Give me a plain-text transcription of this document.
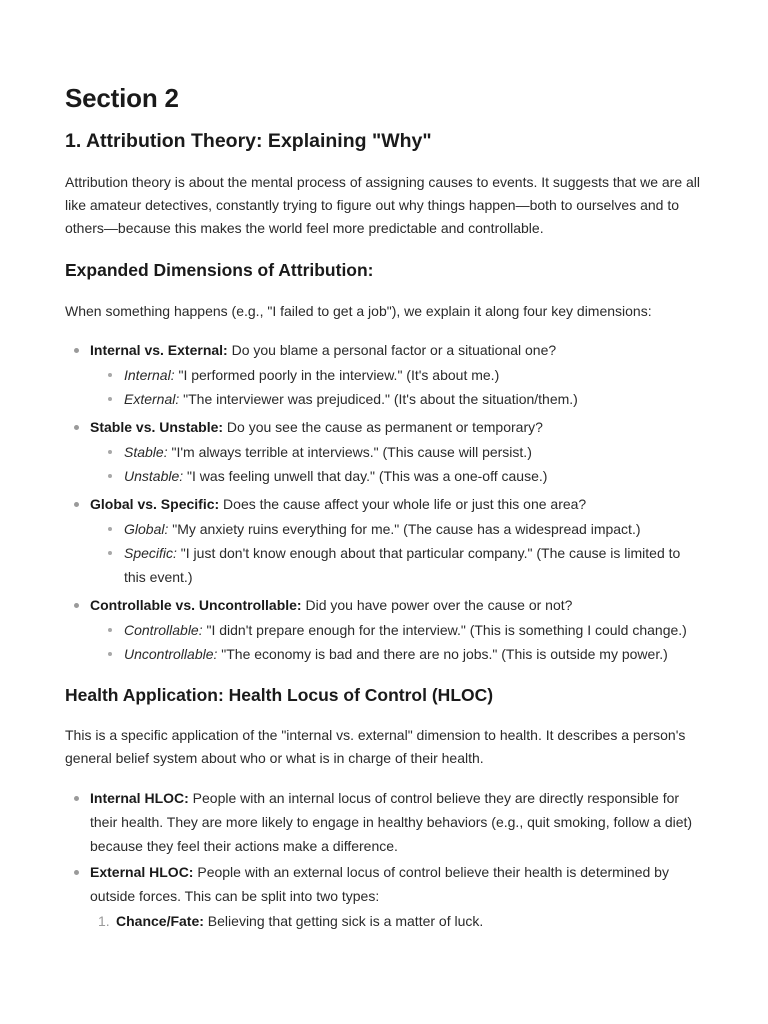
Section 2
1. Attribution Theory: Explaining "Why"

Attribution theory is about the mental process of assigning causes to events. It suggests that we are all like amateur detectives, constantly trying to figure out why things happen—both to ourselves and to others—because this makes the world feel more predictable and controllable.

Expanded Dimensions of Attribution:

When something happens (e.g., "I failed to get a job"), we explain it along four key dimensions:

Internal vs. External: Do you blame a personal factor or a situational one?
Internal: "I performed poorly in the interview." (It's about me.)
External: "The interviewer was prejudiced." (It's about the situation/them.)
Stable vs. Unstable: Do you see the cause as permanent or temporary?
Stable: "I'm always terrible at interviews." (This cause will persist.)
Unstable: "I was feeling unwell that day." (This was a one-off cause.)
Global vs. Specific: Does the cause affect your whole life or just this one area?
Global: "My anxiety ruins everything for me." (The cause has a widespread impact.)
Specific: "I just don't know enough about that particular company." (The cause is limited to this event.)
Controllable vs. Uncontrollable: Did you have power over the cause or not?
Controllable: "I didn't prepare enough for the interview." (This is something I could change.)
Uncontrollable: "The economy is bad and there are no jobs." (This is outside my power.)
Health Application: Health Locus of Control (HLOC)

This is a specific application of the "internal vs. external" dimension to health. It describes a person's general belief system about who or what is in charge of their health.

Internal HLOC: People with an internal locus of control believe they are directly responsible for their health. They are more likely to engage in healthy behaviors (e.g., quit smoking, follow a diet) because they feel their actions make a difference.
External HLOC: People with an external locus of control believe their health is determined by outside forces. This can be split into two types:
1. Chance/Fate: Believing that getting sick is a matter of luck.
